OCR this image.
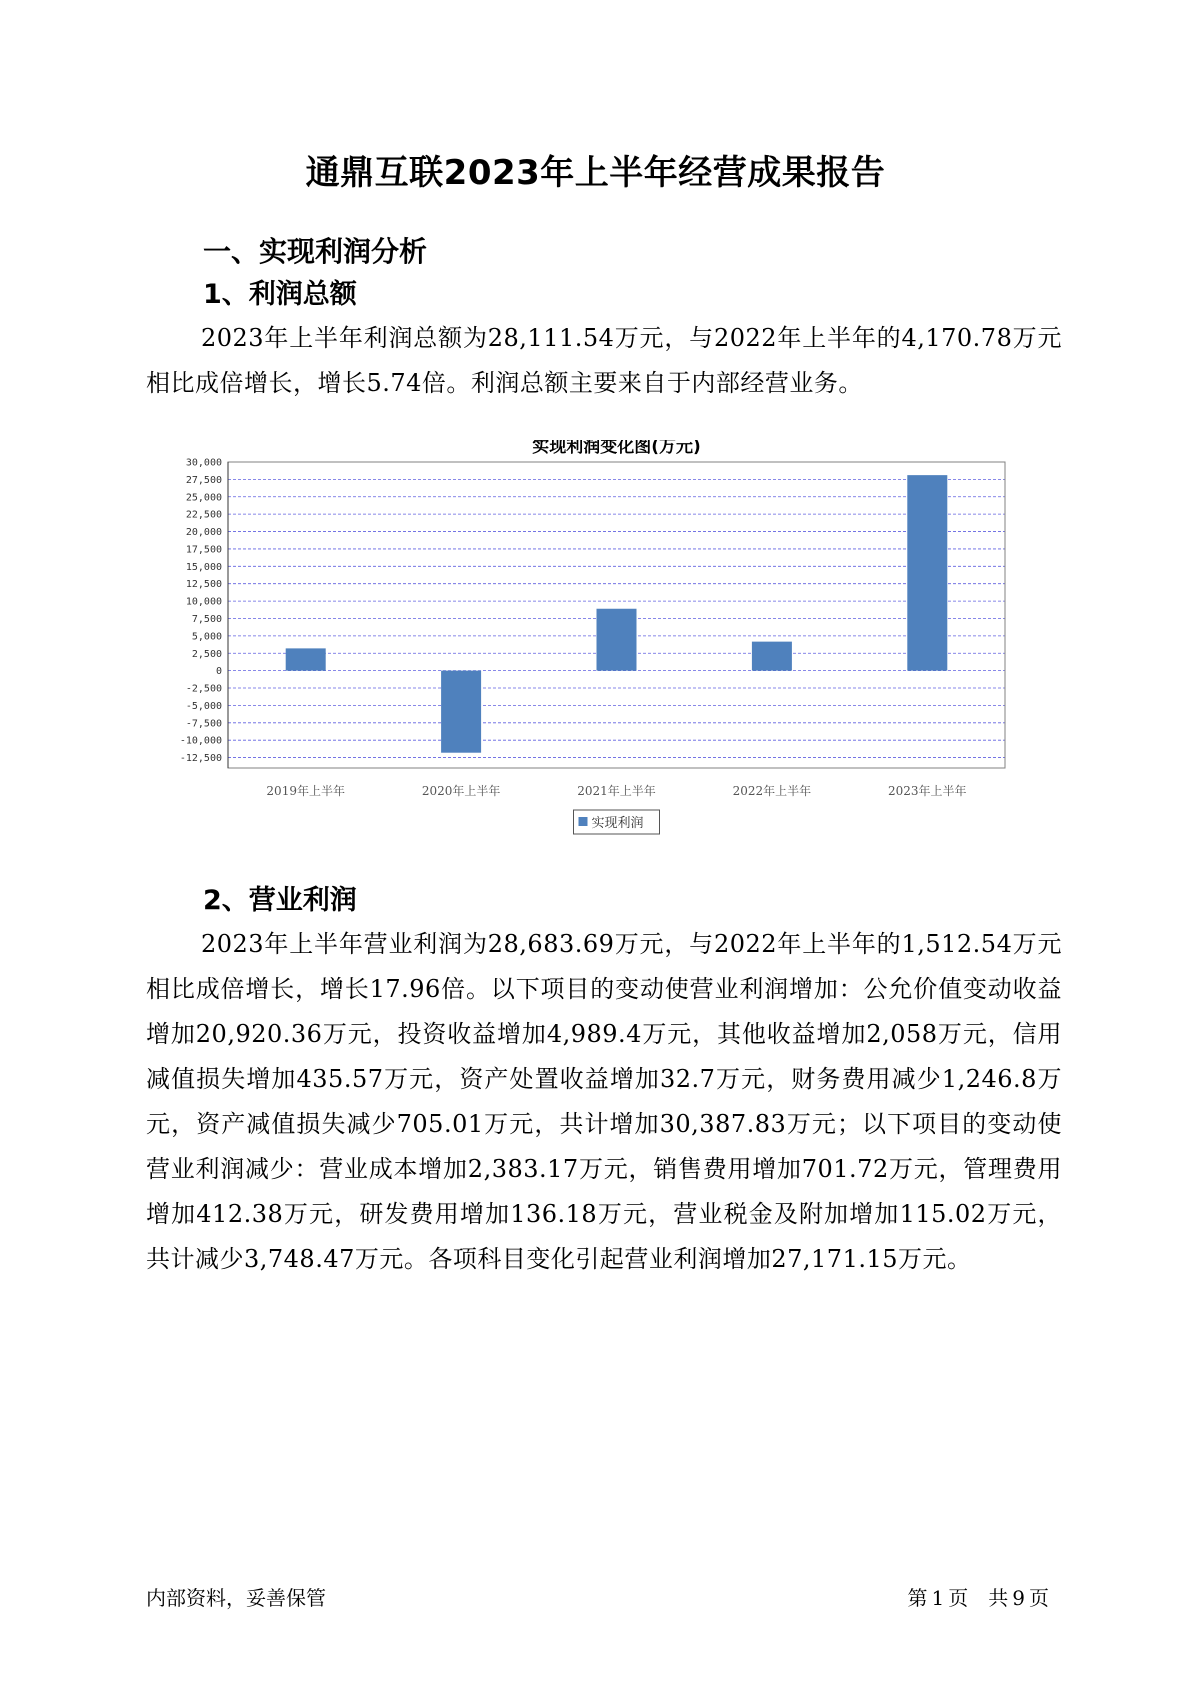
通鼎互联2023年上半年经营成果报告
一、实现利润分析
1、利润总额
2023年上半年利润总额为28,111.54万元，与2022年上半年的4,170.78万元相比成倍增长，增长5.74倍。利润总额主要来自于内部经营业务。
实现利润变化图(万元)
30,000
27,500
25,000
22,500
20,000
17,500
15,000
12,500
10,000
7,500
5,000
2,500
0
-2,500
-5,000
-7,500
-10,000
-12,500
2019年上半年	2020年上半年	2021年上半年	2022年上半年	2023年上半年
实现利润
2、营业利润
2023年上半年营业利润为28,683.69万元，与2022年上半年的1,512.54万元相比成倍增长，增长17.96倍。以下项目的变动使营业利润增加：公允价值变动收益增加20,920.36万元，投资收益增加4,989.4万元，其他收益增加2,058万元，信用减值损失增加435.57万元，资产处置收益增加32.7万元，财务费用减少1,246.8万元，资产减值损失减少705.01万元，共计增加30,387.83万元；以下项目的变动使营业利润减少：营业成本增加2,383.17万元，销售费用增加701.72万元，管理费用增加412.38万元，研发费用增加136.18万元，营业税金及附加增加115.02万元，共计减少3,748.47万元。各项科目变化引起营业利润增加27,171.15万元。
内部资料，妥善保管	第 1 页　共 9 页
